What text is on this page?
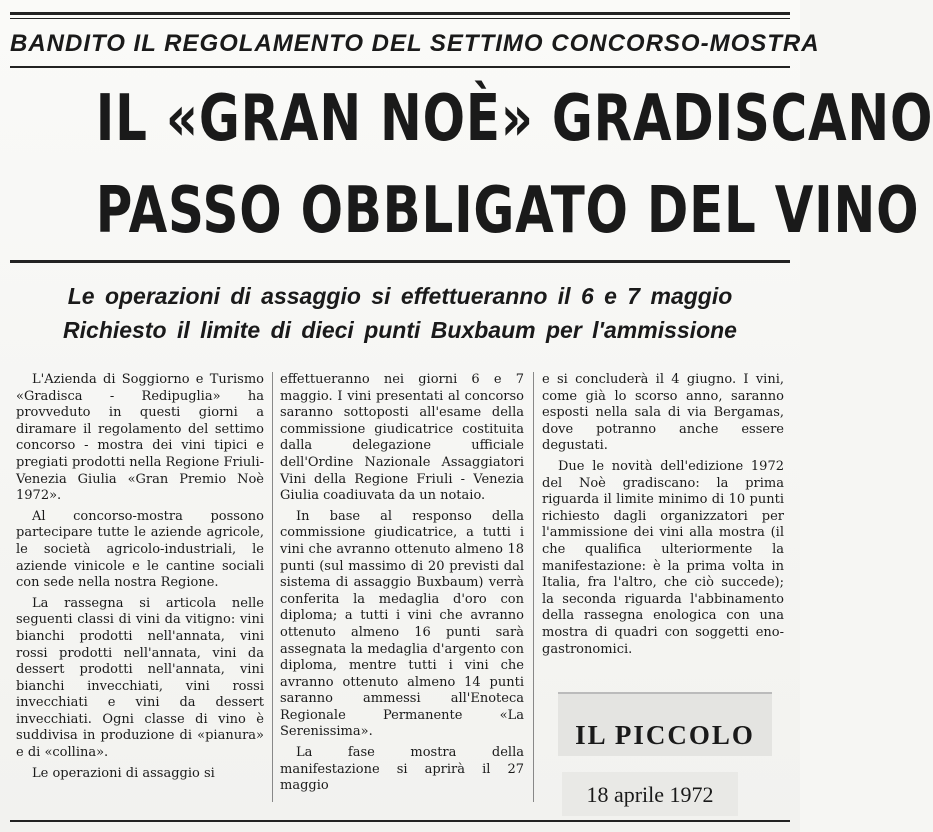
BANDITO IL REGOLAMENTO DEL SETTIMO CONCORSO-MOSTRA
IL «GRAN NOÈ» GRADISCANO
PASSO OBBLIGATO DEL VINO
Le operazioni di assaggio si effettueranno il 6 e 7 maggio
Richiesto il limite di dieci punti Buxbaum per l'ammissione

L'Azienda di Soggiorno e Turismo «Gradisca - Redipuglia» ha provveduto in questi giorni a diramare il regolamento del settimo concorso - mostra dei vini tipici e pregiati prodotti nella Regione Friuli-Venezia Giulia «Gran Premio Noè 1972».

Al concorso-mostra possono partecipare tutte le aziende agricole, le società agricolo-industriali, le aziende vinicole e le cantine sociali con sede nella nostra Regione.

La rassegna si articola nelle seguenti classi di vini da vitigno: vini bianchi prodotti nell'annata, vini rossi prodotti nell'annata, vini da dessert prodotti nell'annata, vini bianchi invecchiati, vini rossi invecchiati e vini da dessert invecchiati. Ogni classe di vino è suddivisa in produzione di «pianura» e di «collina».

Le operazioni di assaggio si

effettueranno nei giorni 6 e 7 maggio. I vini presentati al concorso saranno sottoposti all'esame della commissione giudicatrice costituita dalla delegazione ufficiale dell'Ordine Nazionale Assaggiatori Vini della Regione Friuli - Venezia Giulia coadiuvata da un notaio.

In base al responso della commissione giudicatrice, a tutti i vini che avranno ottenuto almeno 18 punti (sul massimo di 20 previsti dal sistema di assaggio Buxbaum) verrà conferita la medaglia d'oro con diploma; a tutti i vini che avranno ottenuto almeno 16 punti sarà assegnata la medaglia d'argento con diploma, mentre tutti i vini che avranno ottenuto almeno 14 punti saranno ammessi all'Enoteca Regionale Permanente «La Serenissima».

La fase mostra della manifestazione si aprirà il 27 maggio

e si concluderà il 4 giugno. I vini, come già lo scorso anno, saranno esposti nella sala di via Bergamas, dove potranno anche essere degustati.

Due le novità dell'edizione 1972 del Noè gradiscano: la prima riguarda il limite minimo di 10 punti richiesto dagli organizzatori per l'ammissione dei vini alla mostra (il che qualifica ulteriormente la manifestazione: è la prima volta in Italia, fra l'altro, che ciò succede); la seconda riguarda l'abbinamento della rassegna enologica con una mostra di quadri con soggetti eno-gastronomici.

IL PICCOLO
18 aprile 1972
